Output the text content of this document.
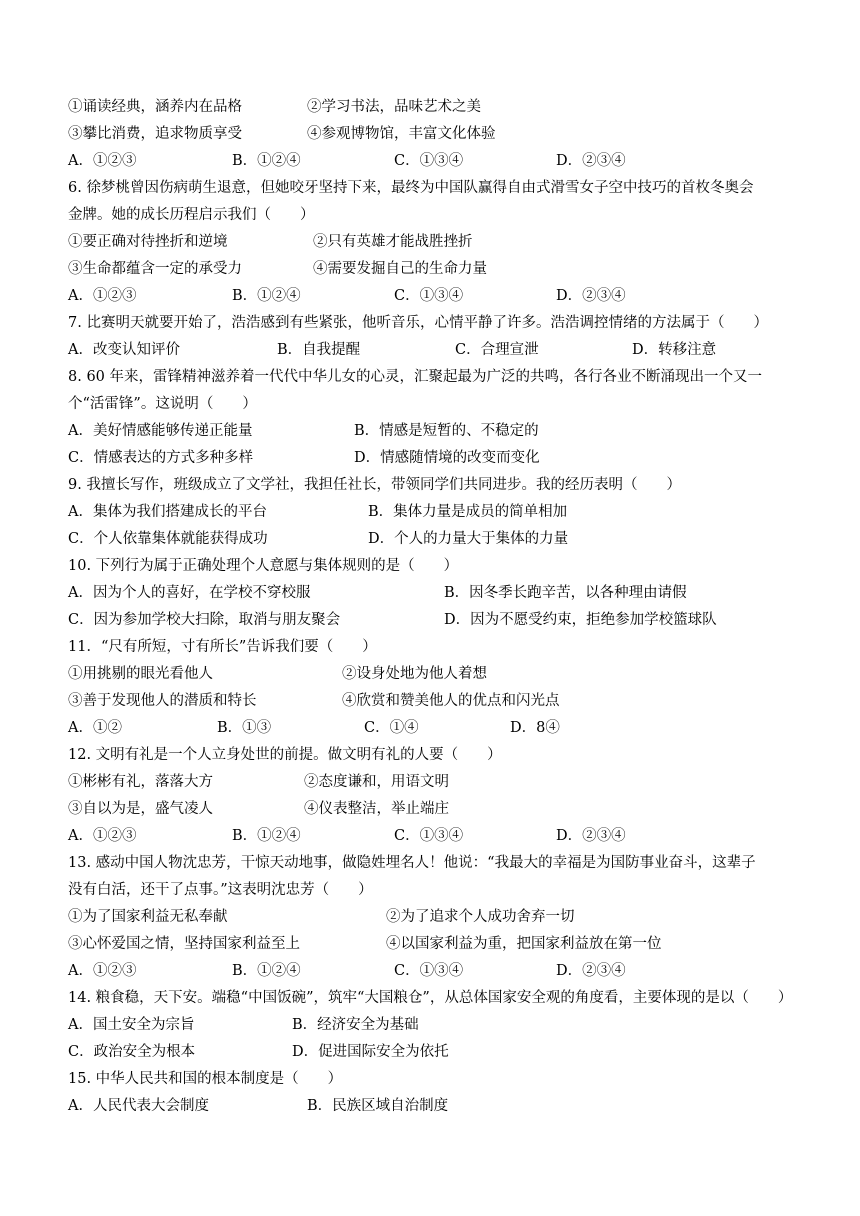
①诵读经典，涵养内在品格	②学习书法，品味艺术之美
③攀比消费，追求物质享受	④参观博物馆，丰富文化体验
A．①②③	B．①②④	C．①③④	D．②③④
6. 徐梦桃曾因伤病萌生退意，但她咬牙坚持下来，最终为中国队赢得自由式滑雪女子空中技巧的首枚冬奥会
金牌。她的成长历程启示我们（　　）
①要正确对待挫折和逆境	②只有英雄才能战胜挫折
③生命都蕴含一定的承受力	④需要发掘自己的生命力量
A．①②③	B．①②④	C．①③④	D．②③④
7. 比赛明天就要开始了，浩浩感到有些紧张，他听音乐，心情平静了许多。浩浩调控情绪的方法属于（　　）
A．改变认知评价	B．自我提醒	C．合理宣泄	D．转移注意
8. 60 年来，雷锋精神滋养着一代代中华儿女的心灵，汇聚起最为广泛的共鸣，各行各业不断涌现出一个又一
个“活雷锋”。这说明（　　）
A．美好情感能够传递正能量	B．情感是短暂的、不稳定的
C．情感表达的方式多种多样	D．情感随情境的改变而变化
9. 我擅长写作，班级成立了文学社，我担任社长，带领同学们共同进步。我的经历表明（　　）
A．集体为我们搭建成长的平台	B．集体力量是成员的简单相加
C．个人依靠集体就能获得成功	D．个人的力量大于集体的力量
10. 下列行为属于正确处理个人意愿与集体规则的是（　　）
A．因为个人的喜好，在学校不穿校服	B．因冬季长跑辛苦，以各种理由请假
C．因为参加学校大扫除，取消与朋友聚会	D．因为不愿受约束，拒绝参加学校篮球队
11．“尺有所短，寸有所长”告诉我们要（　　）
①用挑剔的眼光看他人	②设身处地为他人着想
③善于发现他人的潜质和特长	④欣赏和赞美他人的优点和闪光点
A．①②	B．①③	C．①④	D．8④
12. 文明有礼是一个人立身处世的前提。做文明有礼的人要（　　）
①彬彬有礼，落落大方	②态度谦和，用语文明
③自以为是，盛气凌人	④仪表整洁，举止端庄
A．①②③	B．①②④	C．①③④	D．②③④
13. 感动中国人物沈忠芳，干惊天动地事，做隐姓埋名人！他说：“我最大的幸福是为国防事业奋斗，这辈子
没有白活，还干了点事。”这表明沈忠芳（　　）
①为了国家利益无私奉献	②为了追求个人成功舍弃一切
③心怀爱国之情，坚持国家利益至上	④以国家利益为重，把国家利益放在第一位
A．①②③	B．①②④	C．①③④	D．②③④
14. 粮食稳，天下安。端稳“中国饭碗”，筑牢“大国粮仓”，从总体国家安全观的角度看，主要体现的是以（　　）
A．国土安全为宗旨	B．经济安全为基础
C．政治安全为根本	D．促进国际安全为依托
15. 中华人民共和国的根本制度是（　　）
A．人民代表大会制度	B．民族区域自治制度
